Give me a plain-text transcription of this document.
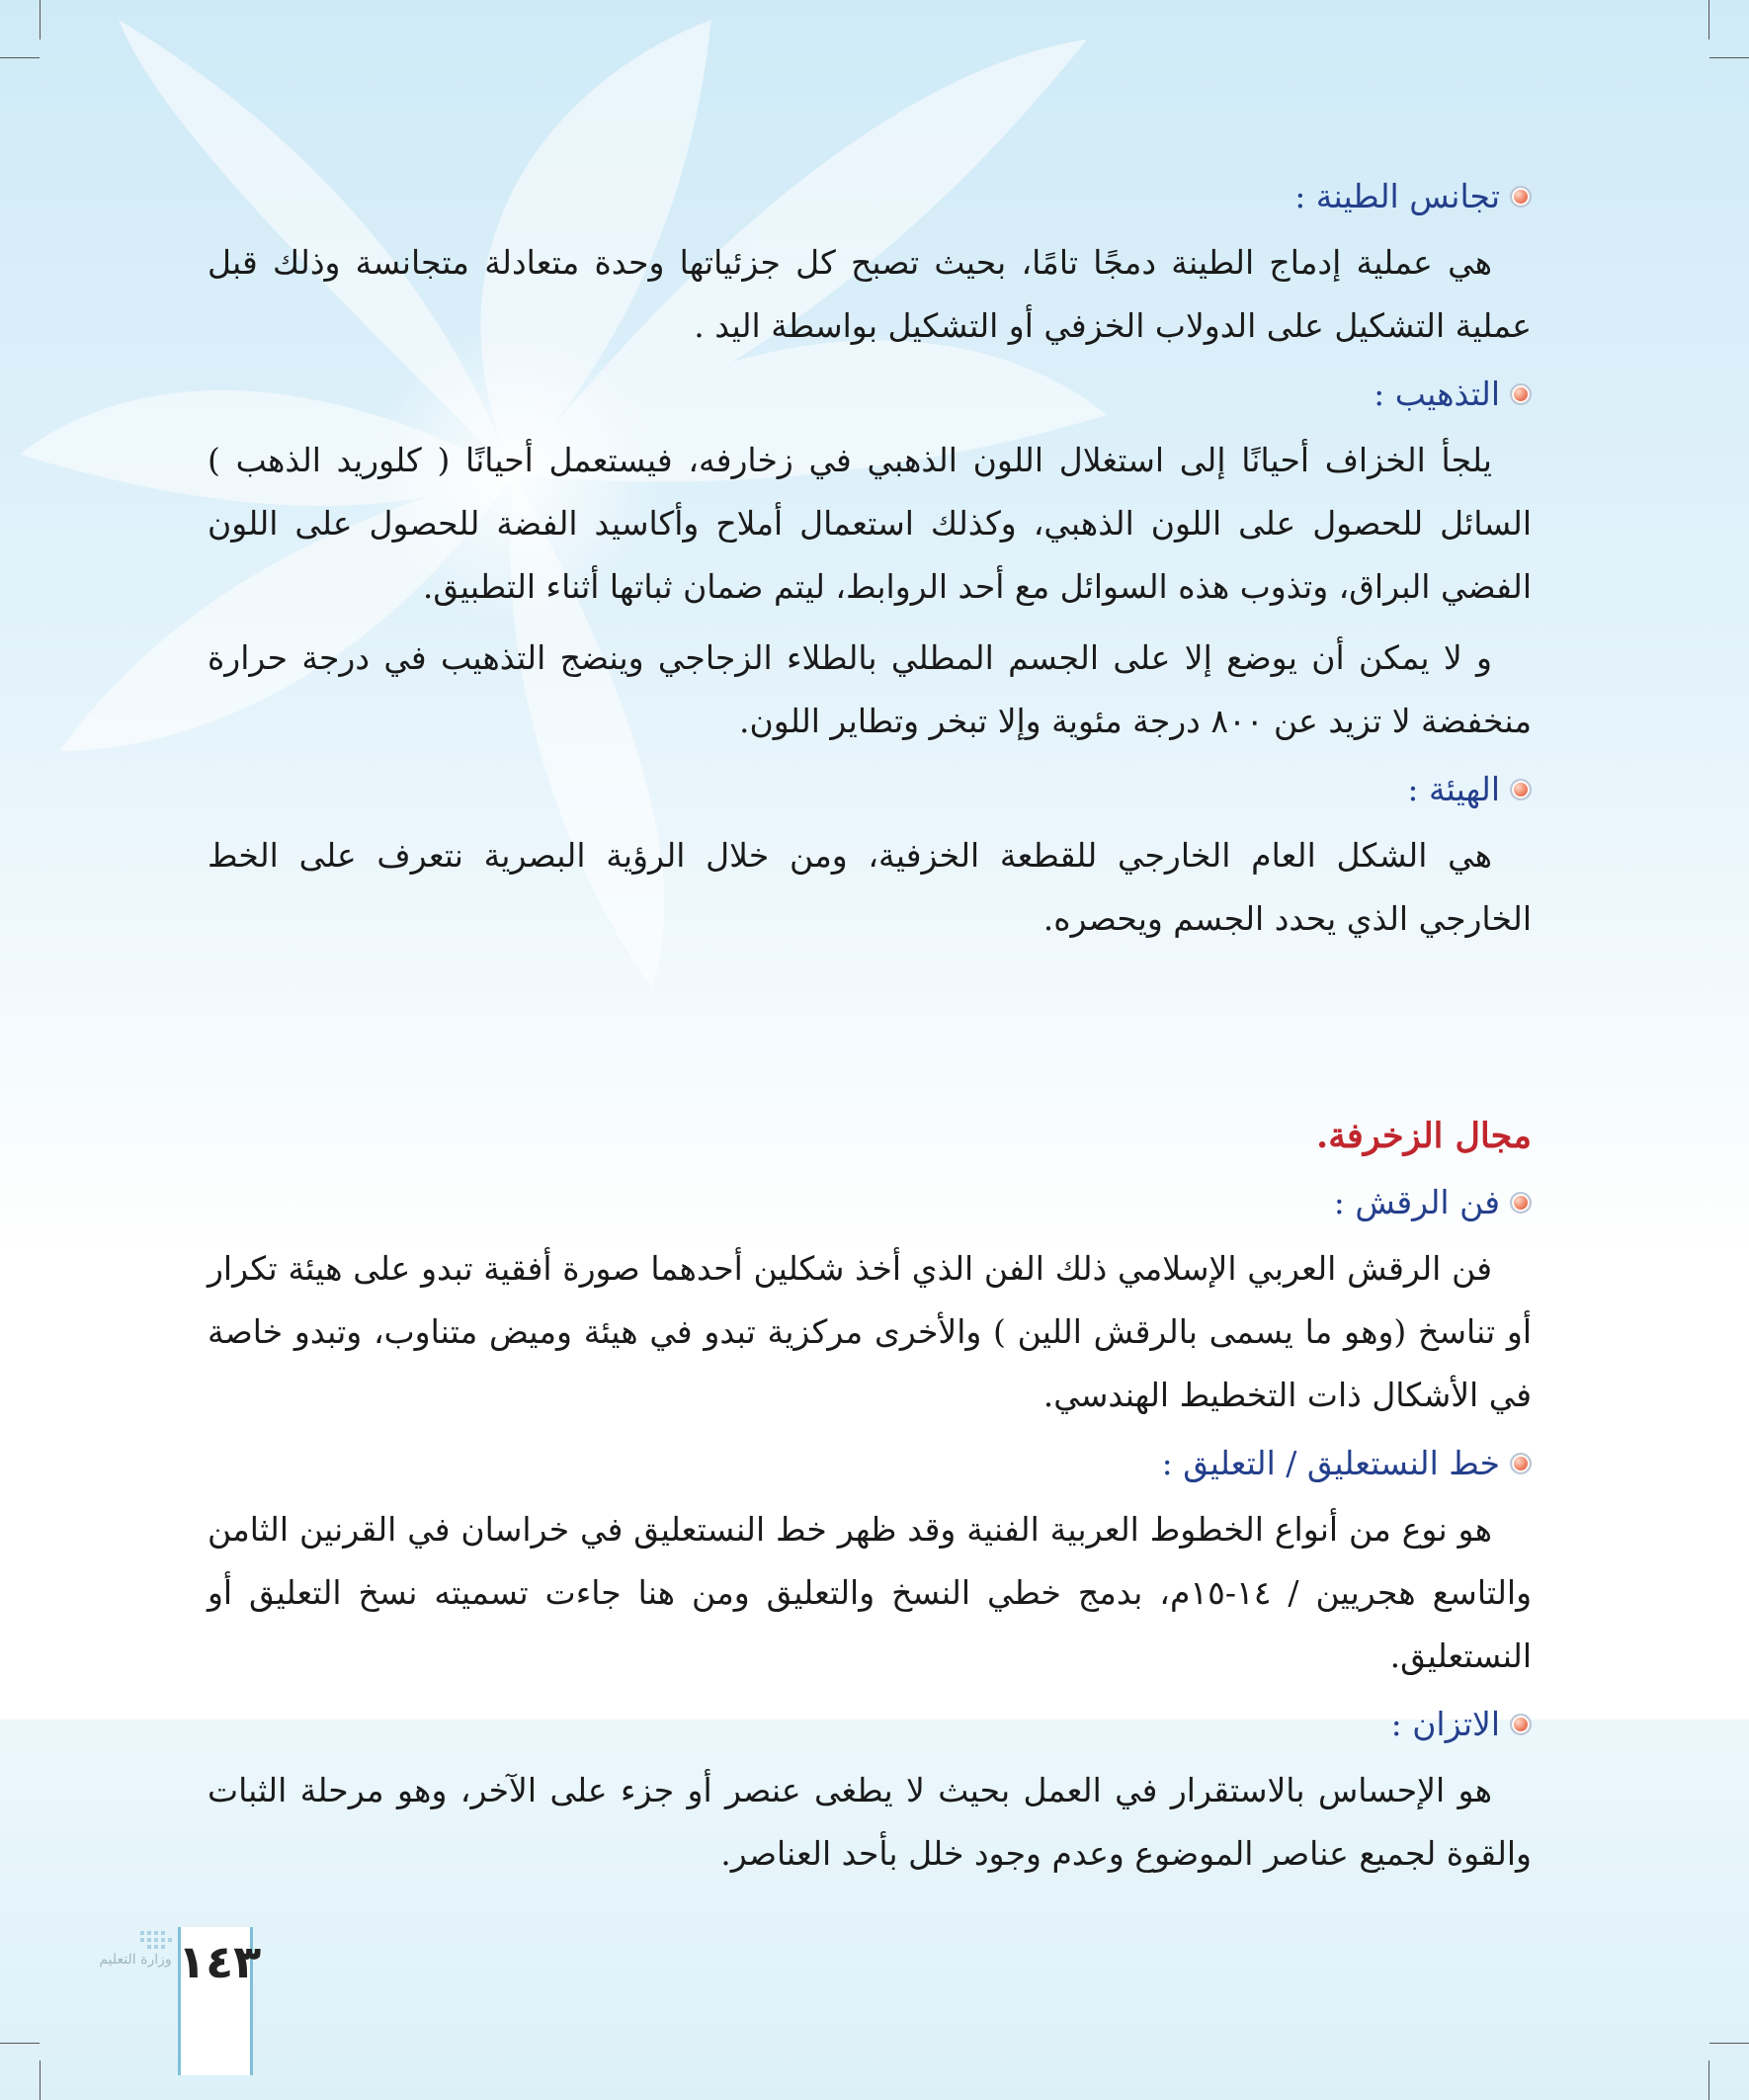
تجانس الطينة :

هي عملية إدماج الطينة دمجًا تامًا، بحيث تصبح كل جزئياتها وحدة متعادلة متجانسة وذلك قبل عملية التشكيل على الدولاب الخزفي أو التشكيل بواسطة اليد .

التذهيب :

يلجأ الخزاف أحيانًا إلى استغلال اللون الذهبي في زخارفه، فيستعمل أحيانًا ( كلوريد الذهب ) السائل للحصول على اللون الذهبي، وكذلك استعمال أملاح وأكاسيد الفضة للحصول على اللون الفضي البراق، وتذوب هذه السوائل مع أحد الروابط، ليتم ضمان ثباتها أثناء التطبيق.

و لا يمكن أن يوضع إلا على الجسم المطلي بالطلاء الزجاجي وينضج التذهيب في درجة حرارة منخفضة لا تزيد عن ٨٠٠ درجة مئوية وإلا تبخر وتطاير اللون.

الهيئة :

هي الشكل العام الخارجي للقطعة الخزفية، ومن خلال الرؤية البصرية نتعرف على الخط الخارجي الذي يحدد الجسم ويحصره.

مجال الزخرفة.
فن الرقش :

فن الرقش العربي الإسلامي ذلك الفن الذي أخذ شكلين أحدهما صورة أفقية تبدو على هيئة تكرار أو تناسخ (وهو ما يسمى بالرقش اللين ) والأخرى مركزية تبدو في هيئة وميض متناوب، وتبدو خاصة في الأشكال ذات التخطيط الهندسي.

خط النستعليق / التعليق :

هو نوع من أنواع الخطوط العربية الفنية وقد ظهر خط النستعليق في خراسان في القرنين الثامن والتاسع هجريين / ١٤-١٥م، بدمج خطي النسخ والتعليق ومن هنا جاءت تسميته نسخ التعليق أو النستعليق.

الاتزان :

هو الإحساس بالاستقرار في العمل بحيث لا يطغى عنصر أو جزء على الآخر، وهو مرحلة الثبات والقوة لجميع عناصر الموضوع وعدم وجود خلل بأحد العناصر.

وزارة التعليم ١٤٣
